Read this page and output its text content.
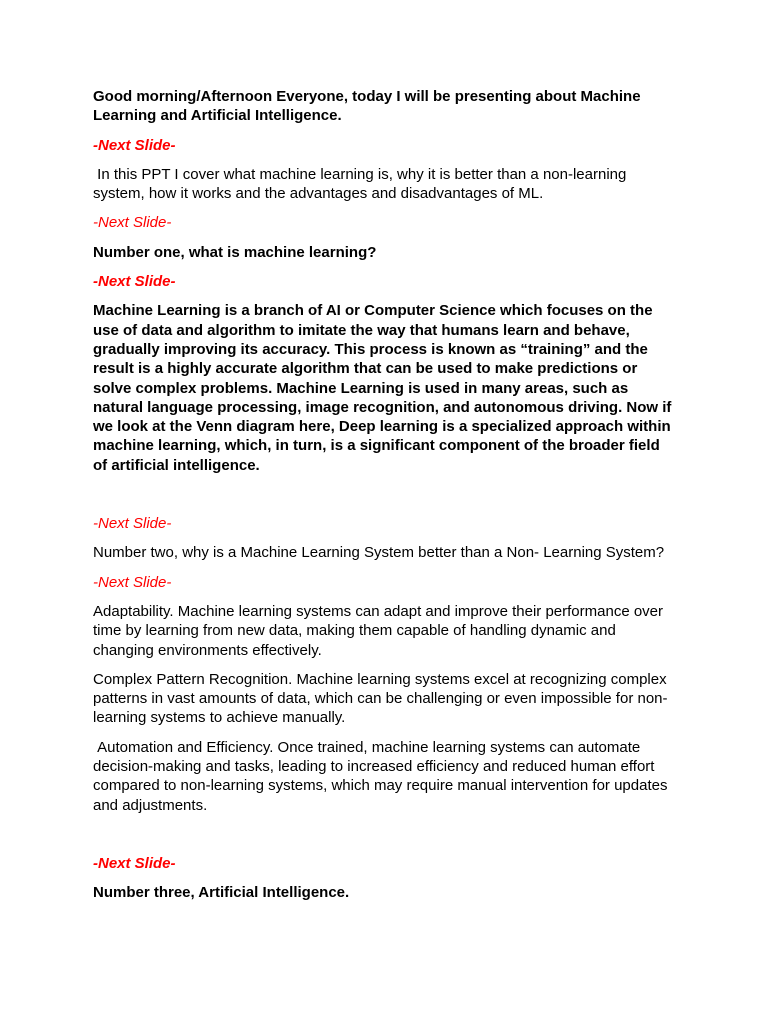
Good morning/Afternoon Everyone, today I will be presenting about Machine Learning and Artificial Intelligence.

-Next Slide-

In this PPT I cover what machine learning is, why it is better than a non-learning system, how it works and the advantages and disadvantages of ML.

-Next Slide-

Number one, what is machine learning?

-Next Slide-

Machine Learning is a branch of AI or Computer Science which focuses on the use of data and algorithm to imitate the way that humans learn and behave, gradually improving its accuracy. This process is known as “training” and the result is a highly accurate algorithm that can be used to make predictions or solve complex problems. Machine Learning is used in many areas, such as natural language processing, image recognition, and autonomous driving. Now if we look at the Venn diagram here, Deep learning is a specialized approach within machine learning, which, in turn, is a significant component of the broader field of artificial intelligence.

-Next Slide-

Number two, why is a Machine Learning System better than a Non- Learning System?

-Next Slide-

Adaptability. Machine learning systems can adapt and improve their performance over time by learning from new data, making them capable of handling dynamic and changing environments effectively.

Complex Pattern Recognition. Machine learning systems excel at recognizing complex patterns in vast amounts of data, which can be challenging or even impossible for non-learning systems to achieve manually.

Automation and Efficiency. Once trained, machine learning systems can automate decision-making and tasks, leading to increased efficiency and reduced human effort compared to non-learning systems, which may require manual intervention for updates and adjustments.

-Next Slide-

Number three, Artificial Intelligence.
